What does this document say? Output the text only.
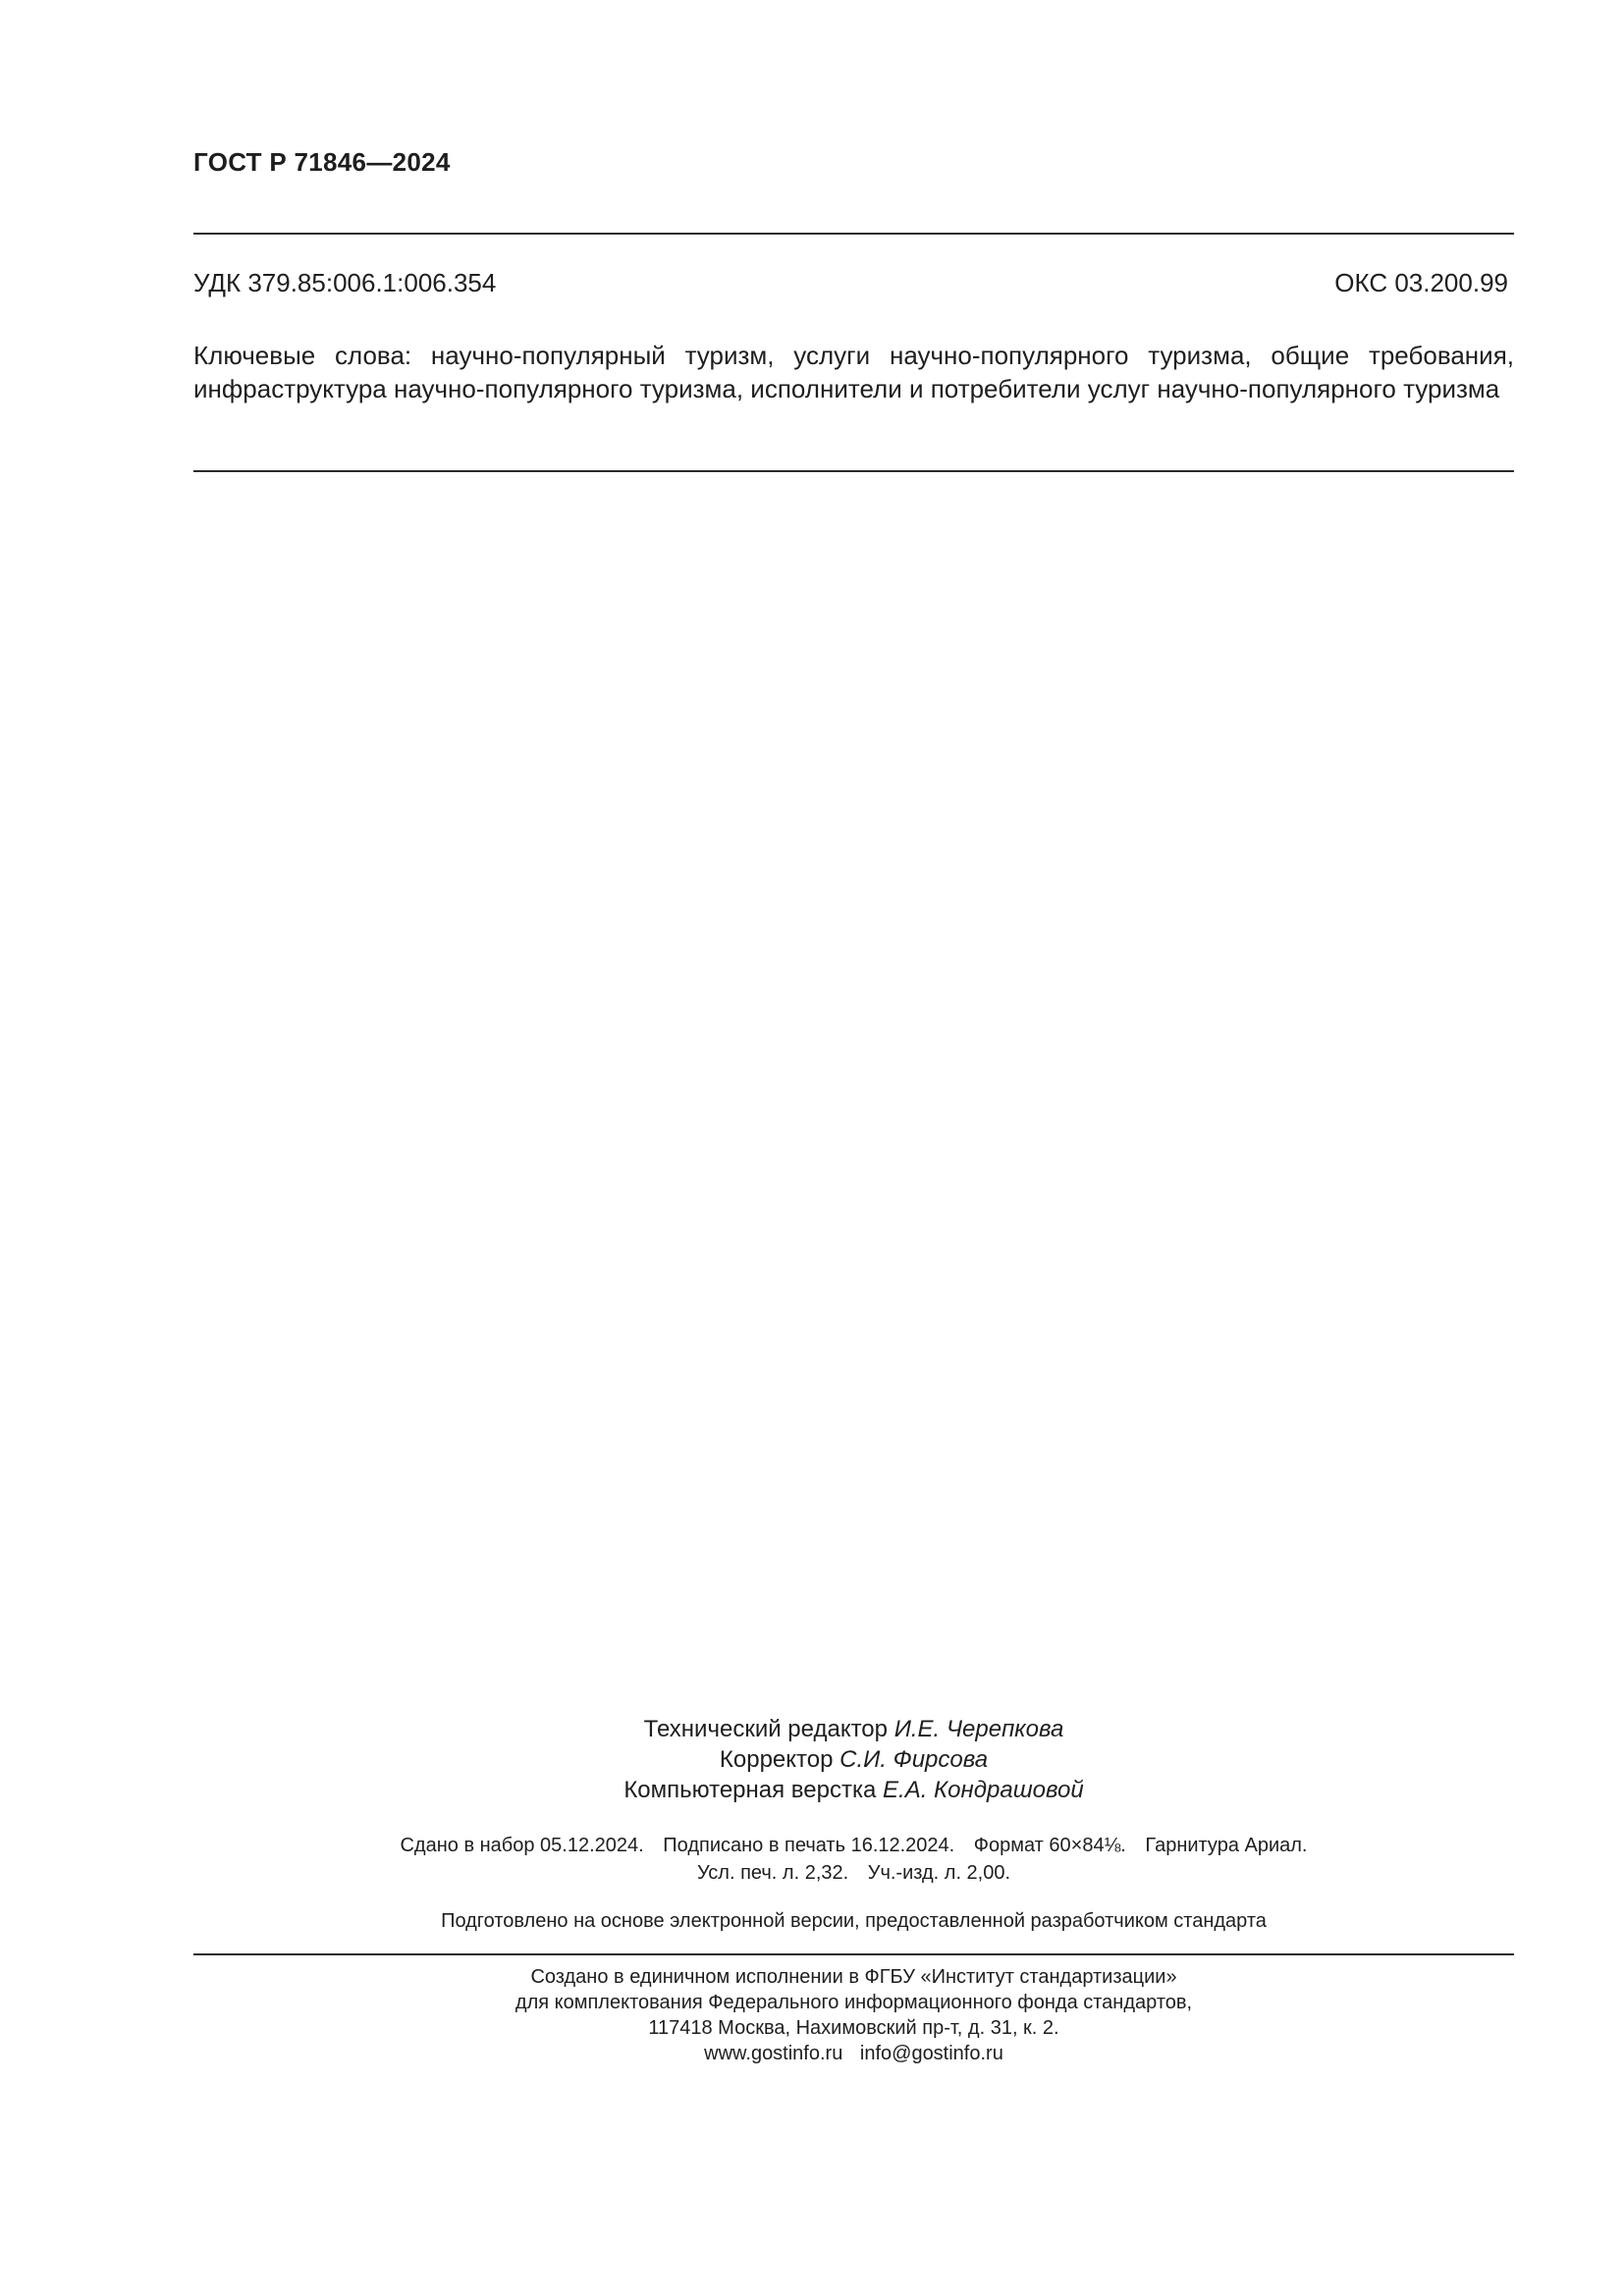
ГОСТ Р 71846—2024
УДК 379.85:006.1:006.354	ОКС 03.200.99
Ключевые слова: научно-популярный туризм, услуги научно-популярного туризма, общие требования, инфраструктура научно-популярного туризма, исполнители и потребители услуг научно-популярного туризма
Технический редактор И.Е. Черепкова
Корректор С.И. Фирсова
Компьютерная верстка Е.А. Кондрашовой
Сдано в набор 05.12.2024. Подписано в печать 16.12.2024. Формат 60×84⅛. Гарнитура Ариал.
Усл. печ. л. 2,32. Уч.-изд. л. 2,00.
Подготовлено на основе электронной версии, предоставленной разработчиком стандарта
Создано в единичном исполнении в ФГБУ «Институт стандартизации»
для комплектования Федерального информационного фонда стандартов,
117418 Москва, Нахимовский пр-т, д. 31, к. 2.
www.gostinfo.ru info@gostinfo.ru
